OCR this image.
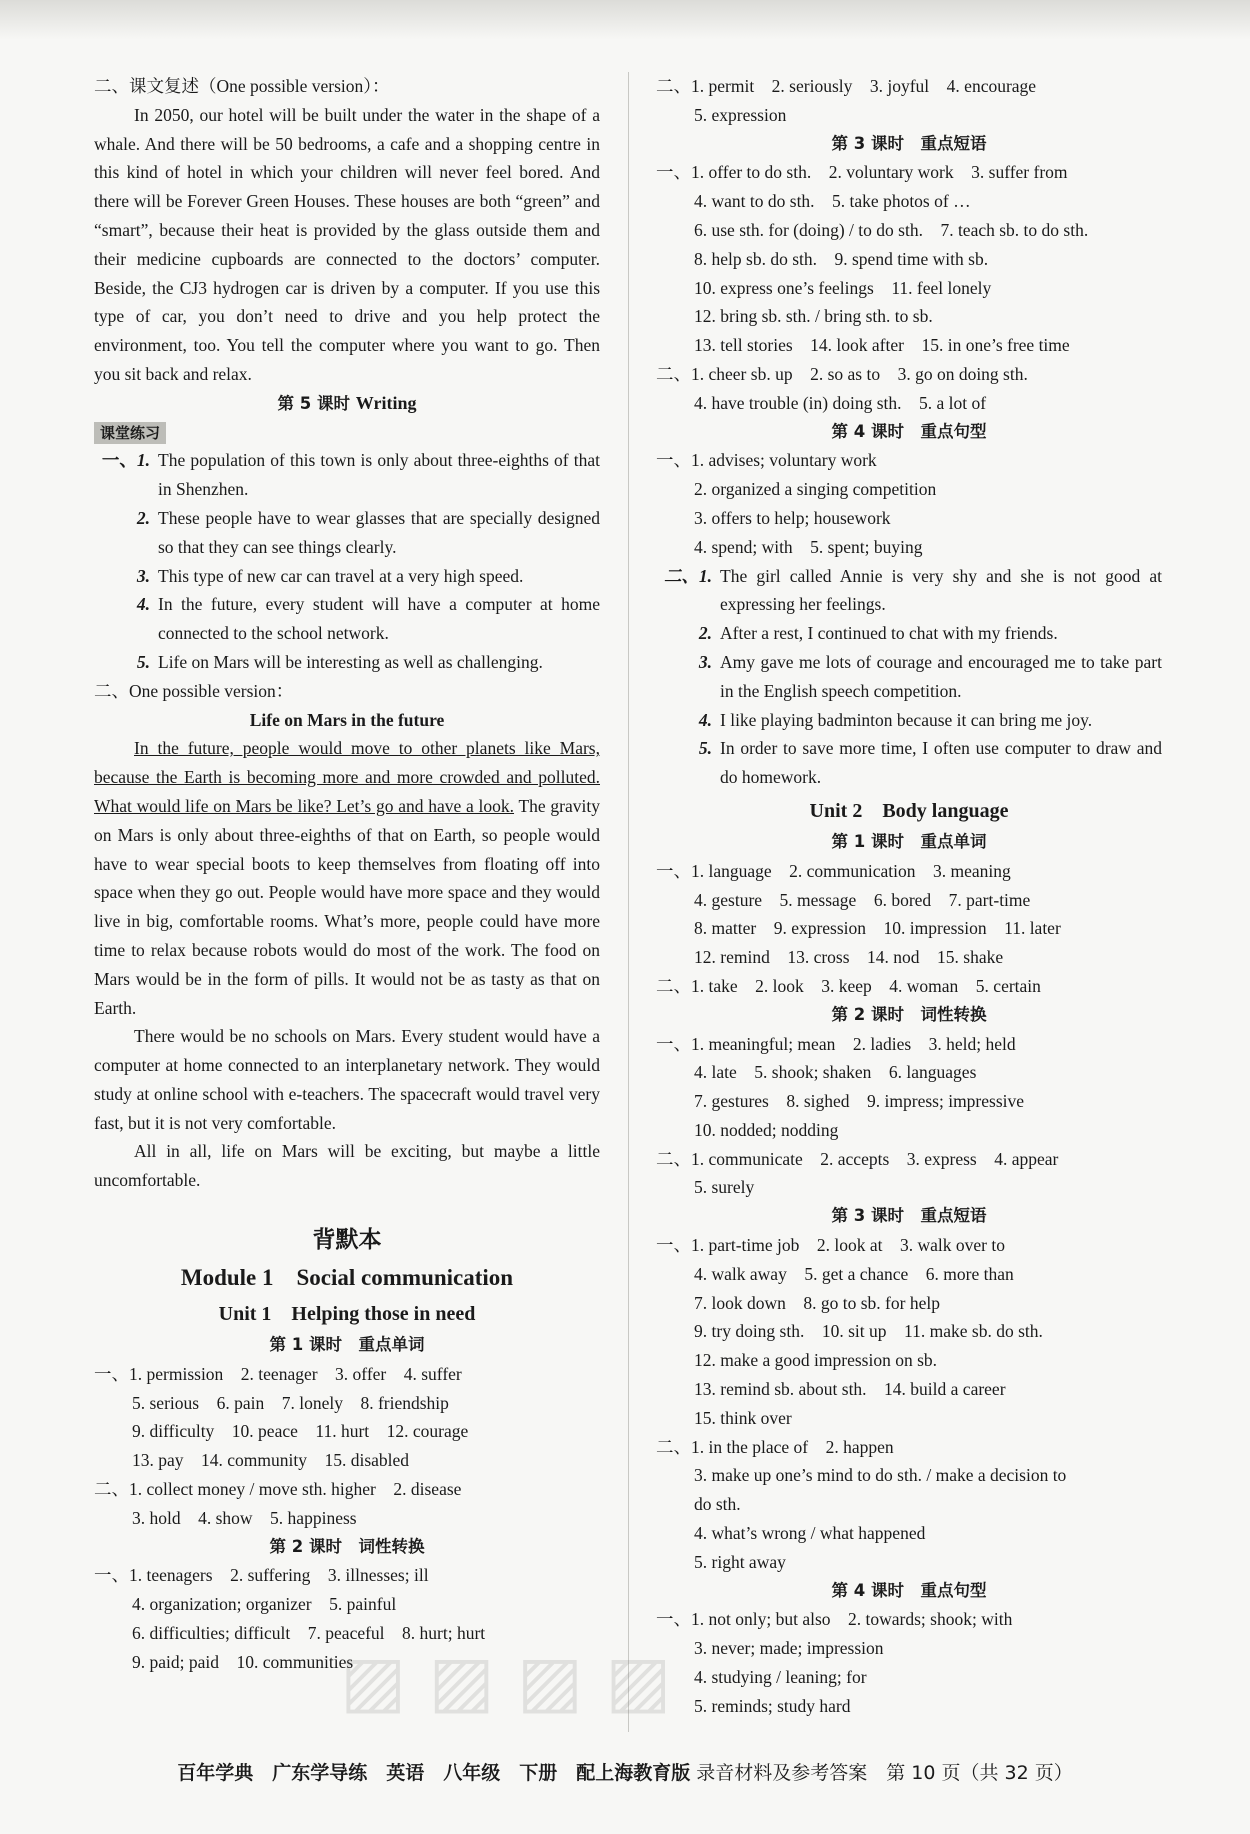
二、课文复述（One possible version）：

In 2050, our hotel will be built under the water in the shape of a whale. And there will be 50 bedrooms, a cafe and a shopping centre in this kind of hotel in which your children will never feel bored. And there will be Forever Green Houses. These houses are both “green” and “smart”, because their heat is provided by the glass outside them and their medicine cupboards are connected to the doctors’ computer. Beside, the CJ3 hydrogen car is driven by a computer. If you use this type of car, you don’t need to drive and you help protect the environment, too. You tell the computer where you want to go. Then you sit back and relax.

第 5 课时 Writing
课堂练习
一、1. The population of this town is only about three-eighths of that in Shenzhen.
2. These people have to wear glasses that are specially designed so that they can see things clearly.
3. This type of new car can travel at a very high speed.
4. In the future, every student will have a computer at home connected to the school network.
5. Life on Mars will be interesting as well as challenging.
二、One possible version：
Life on Mars in the future

In the future, people would move to other planets like Mars, because the Earth is becoming more and more crowded and polluted. What would life on Mars be like? Let’s go and have a look. The gravity on Mars is only about three-eighths of that on Earth, so people would have to wear special boots to keep themselves from floating off into space when they go out. People would have more space and they would live in big, comfortable rooms. What’s more, people could have more time to relax because robots would do most of the work. The food on Mars would be in the form of pills. It would not be as tasty as that on Earth.

There would be no schools on Mars. Every student would have a computer at home connected to an interplanetary network. They would study at online school with e-teachers. The spacecraft would travel very fast, but it is not very comfortable.

All in all, life on Mars will be exciting, but maybe a little uncomfortable.

背默本
Module 1　Social communication
Unit 1　Helping those in need
第 1 课时　重点单词
一、1. permission　2. teenager　3. offer　4. suffer
5. serious　6. pain　7. lonely　8. friendship
9. difficulty　10. peace　11. hurt　12. courage
13. pay　14. community　15. disabled
二、1. collect money / move sth. higher　2. disease
3. hold　4. show　5. happiness
第 2 课时　词性转换
一、1. teenagers　2. suffering　3. illnesses; ill
4. organization; organizer　5. painful
6. difficulties; difficult　7. peaceful　8. hurt; hurt
9. paid; paid　10. communities
二、1. permit　2. seriously　3. joyful　4. encourage
5. expression
第 3 课时　重点短语
一、1. offer to do sth.　2. voluntary work　3. suffer from
4. want to do sth.　5. take photos of …
6. use sth. for (doing) / to do sth.　7. teach sb. to do sth.
8. help sb. do sth.　9. spend time with sb.
10. express one’s feelings　11. feel lonely
12. bring sb. sth. / bring sth. to sb.
13. tell stories　14. look after　15. in one’s free time
二、1. cheer sb. up　2. so as to　3. go on doing sth.
4. have trouble (in) doing sth.　5. a lot of
第 4 课时　重点句型
一、1. advises; voluntary work
2. organized a singing competition
3. offers to help; housework
4. spend; with　5. spent; buying
二、1. The girl called Annie is very shy and she is not good at expressing her feelings.
2. After a rest, I continued to chat with my friends.
3. Amy gave me lots of courage and encouraged me to take part in the English speech competition.
4. I like playing badminton because it can bring me joy.
5. In order to save more time, I often use computer to draw and do homework.
Unit 2　Body language
第 1 课时　重点单词
一、1. language　2. communication　3. meaning
4. gesture　5. message　6. bored　7. part-time
8. matter　9. expression　10. impression　11. later
12. remind　13. cross　14. nod　15. shake
二、1. take　2. look　3. keep　4. woman　5. certain
第 2 课时　词性转换
一、1. meaningful; mean　2. ladies　3. held; held
4. late　5. shook; shaken　6. languages
7. gestures　8. sighed　9. impress; impressive
10. nodded; nodding
二、1. communicate　2. accepts　3. express　4. appear
5. surely
第 3 课时　重点短语
一、1. part-time job　2. look at　3. walk over to
4. walk away　5. get a chance　6. more than
7. look down　8. go to sb. for help
9. try doing sth.　10. sit up　11. make sb. do sth.
12. make a good impression on sb.
13. remind sb. about sth.　14. build a career
15. think over
二、1. in the place of　2. happen
3. make up one’s mind to do sth. / make a decision to
do sth.
4. what’s wrong / what happened
5. right away
第 4 课时　重点句型
一、1. not only; but also　2. towards; shook; with
3. never; made; impression
4. studying / leaning; for
5. reminds; study hard
▨ ▨ ▨ ▨
百年学典　广东学导练　英语　八年级　下册　配上海教育版 录音材料及参考答案　第 10 页（共 32 页）
